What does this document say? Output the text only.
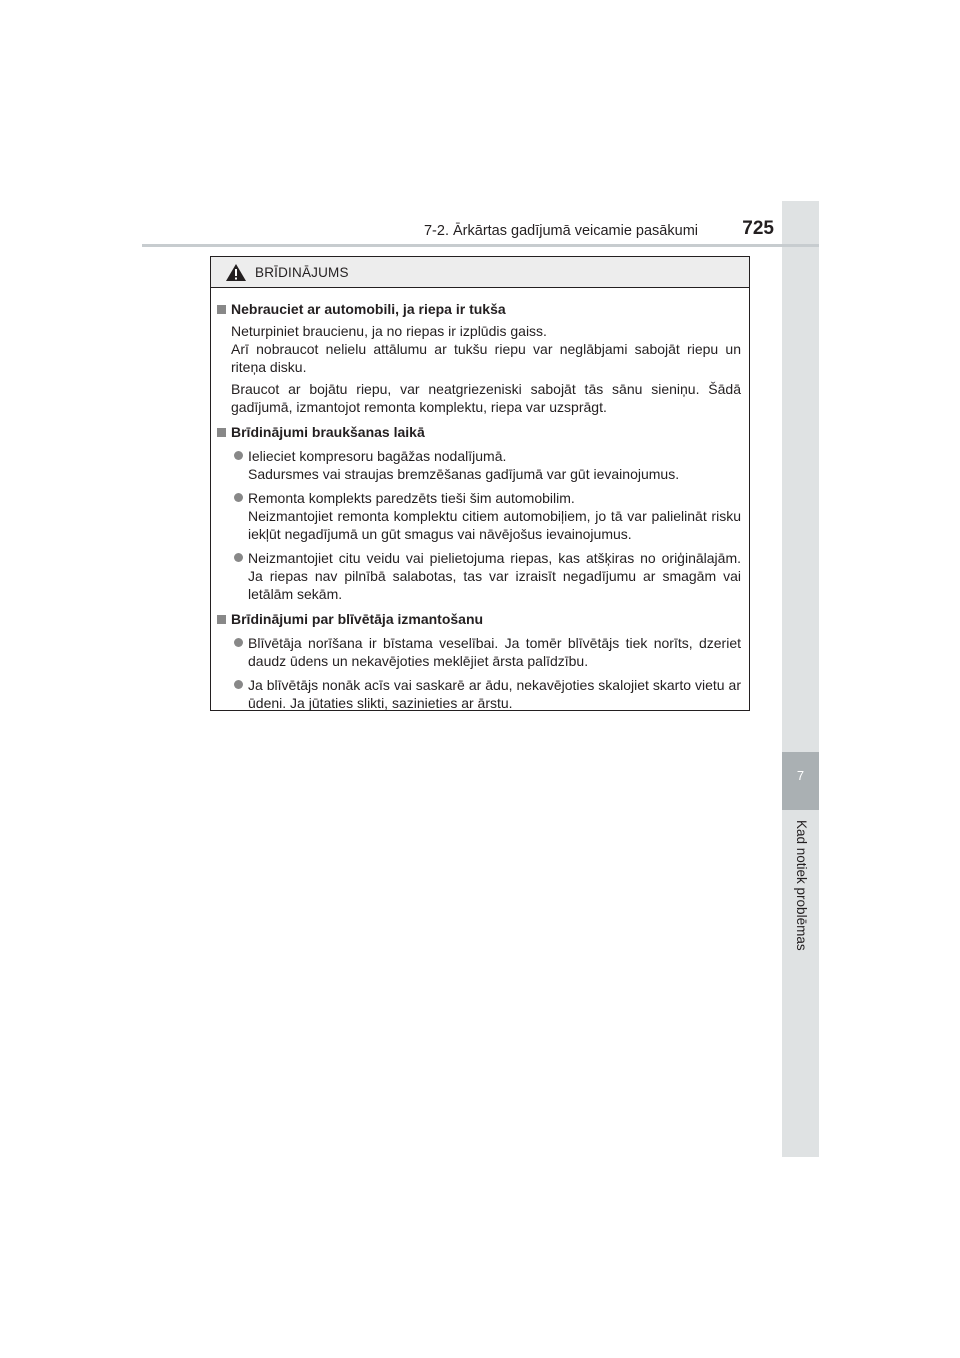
7
Kad notiek problēmas
7-2. Ārkārtas gadījumā veicamie pasākumi	725
BRĪDINĀJUMS
Nebrauciet ar automobili, ja riepa ir tukša
Neturpiniet braucienu, ja no riepas ir izplūdis gaiss.
Arī nobraucot nelielu attālumu ar tukšu riepu var neglābjami sabojāt riepu un riteņa disku.
Braucot ar bojātu riepu, var neatgriezeniski sabojāt tās sānu sieniņu. Šādā gadījumā, izmantojot remonta komplektu, riepa var uzsprāgt.
Brīdinājumi braukšanas laikā
Ielieciet kompresoru bagāžas nodalījumā.
Sadursmes vai straujas bremzēšanas gadījumā var gūt ievainojumus.
Remonta komplekts paredzēts tieši šim automobilim.
Neizmantojiet remonta komplektu citiem automobiļiem, jo tā var palielināt risku iekļūt negadījumā un gūt smagus vai nāvējošus ievainojumus.
Neizmantojiet citu veidu vai pielietojuma riepas, kas atšķiras no oriģinālajām. Ja riepas nav pilnībā salabotas, tas var izraisīt negadījumu ar smagām vai letālām sekām.
Brīdinājumi par blīvētāja izmantošanu
Blīvētāja norīšana ir bīstama veselībai. Ja tomēr blīvētājs tiek norīts, dzeriet daudz ūdens un nekavējoties meklējiet ārsta palīdzību.
Ja blīvētājs nonāk acīs vai saskarē ar ādu, nekavējoties skalojiet skarto vietu ar ūdeni. Ja jūtaties slikti, sazinieties ar ārstu.
